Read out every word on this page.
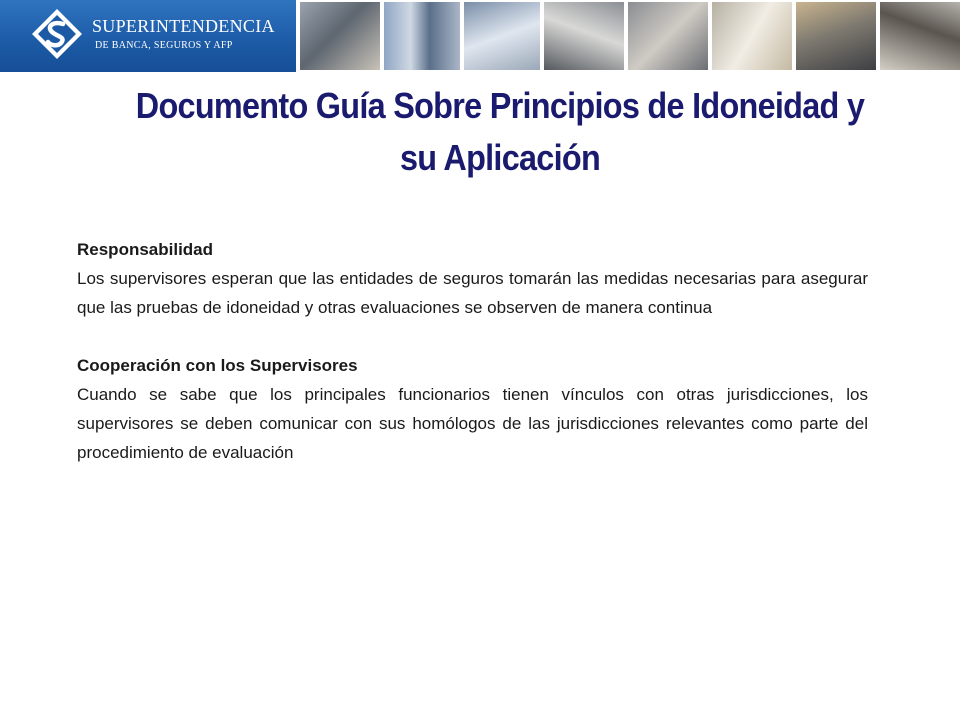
SUPERINTENDENCIA
DE BANCA, SEGUROS Y AFP
Documento Guía Sobre Principios de Idoneidad y
su Aplicación
Responsabilidad
Los supervisores esperan que las entidades de seguros tomarán las medidas necesarias para asegurar que las pruebas de idoneidad y otras evaluaciones se observen de manera continua
Cooperación con los Supervisores
Cuando se sabe que los principales funcionarios tienen vínculos con otras jurisdicciones, los supervisores se deben comunicar con sus homólogos de las jurisdicciones relevantes como parte del procedimiento de evaluación
